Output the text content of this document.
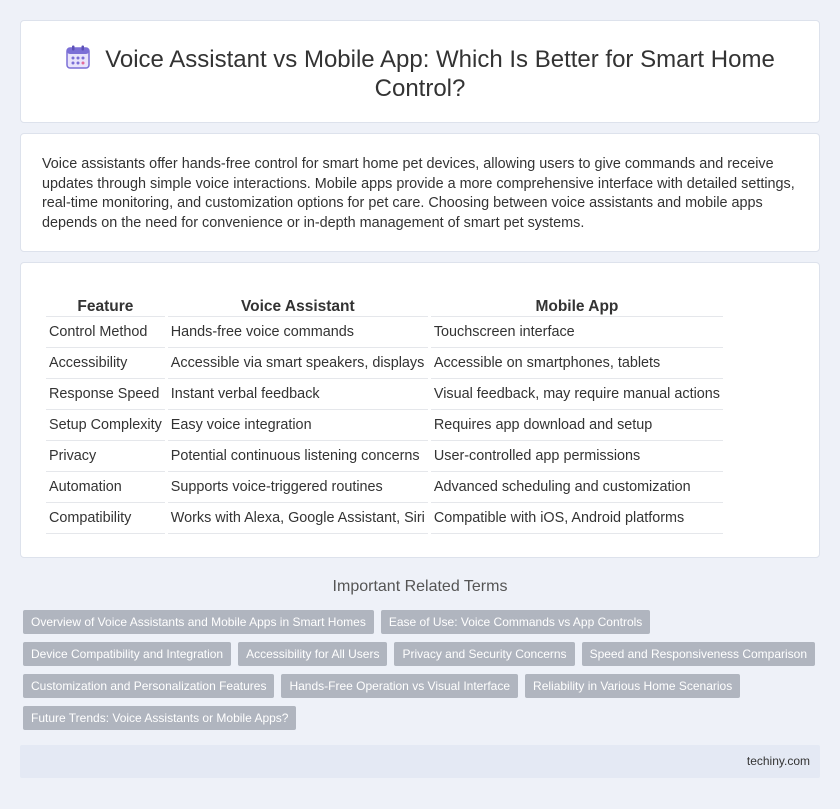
Voice Assistant vs Mobile App: Which Is Better for Smart Home Control?

Voice assistants offer hands-free control for smart home pet devices, allowing users to give commands and receive updates through simple voice interactions. Mobile apps provide a more comprehensive interface with detailed settings, real-time monitoring, and customization options for pet care. Choosing between voice assistants and mobile apps depends on the need for convenience or in-depth management of smart pet systems.

Feature	Voice Assistant	Mobile App
Control Method	Hands-free voice commands	Touchscreen interface
Accessibility	Accessible via smart speakers, displays	Accessible on smartphones, tablets
Response Speed	Instant verbal feedback	Visual feedback, may require manual actions
Setup Complexity	Easy voice integration	Requires app download and setup
Privacy	Potential continuous listening concerns	User-controlled app permissions
Automation	Supports voice-triggered routines	Advanced scheduling and customization
Compatibility	Works with Alexa, Google Assistant, Siri	Compatible with iOS, Android platforms
Important Related Terms
Overview of Voice Assistants and Mobile Apps in Smart Homes	Ease of Use: Voice Commands vs App Controls
Device Compatibility and Integration	Accessibility for All Users	Privacy and Security Concerns	Speed and Responsiveness Comparison
Customization and Personalization Features	Hands-Free Operation vs Visual Interface	Reliability in Various Home Scenarios
Future Trends: Voice Assistants or Mobile Apps?
techiny.com
